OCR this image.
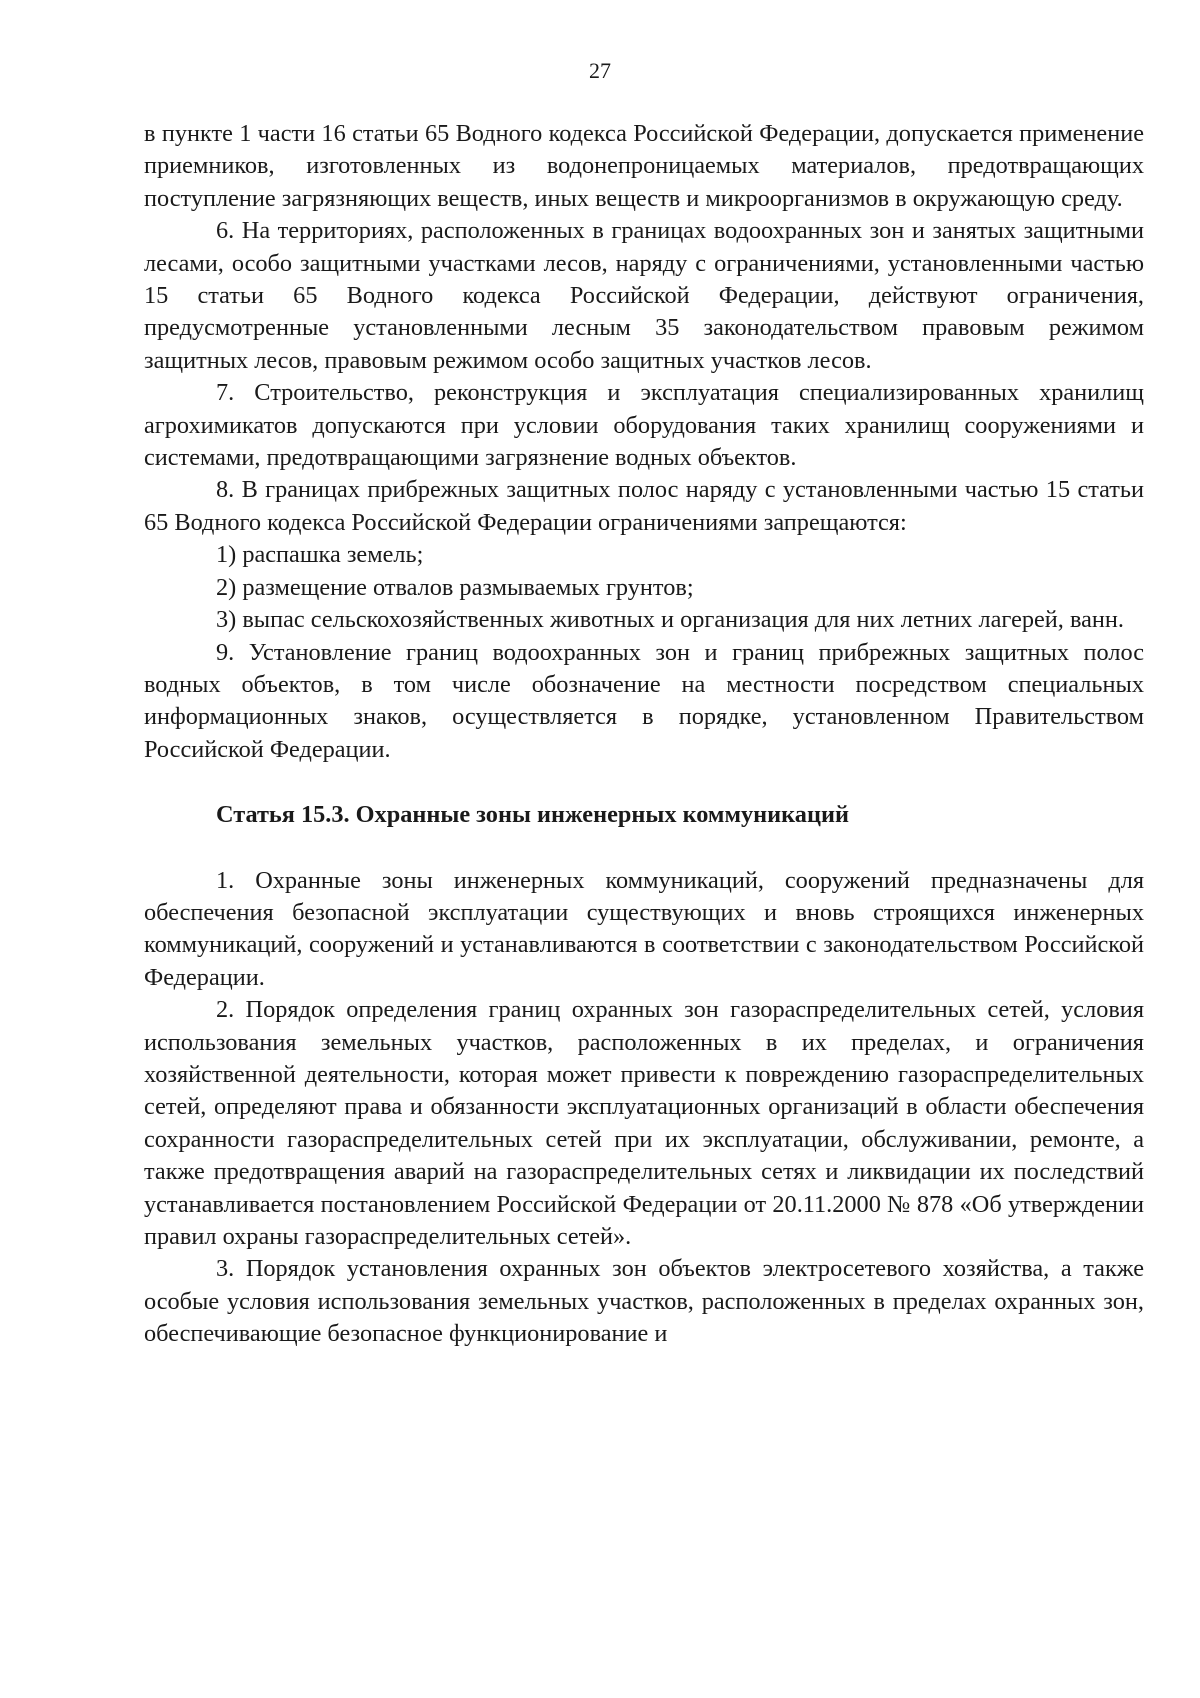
27

в пункте 1 части 16 статьи 65 Водного кодекса Российской Федерации, допускается применение приемников, изготовленных из водонепроницаемых материалов, предотвращающих поступление загрязняющих веществ, иных веществ и микроорганизмов в окружающую среду.

6. На территориях, расположенных в границах водоохранных зон и занятых защитными лесами, особо защитными участками лесов, наряду с ограничениями, установленными частью 15 статьи 65 Водного кодекса Российской Федерации, действуют ограничения, предусмотренные установленными лесным 35 законодательством правовым режимом защитных лесов, правовым режимом особо защитных участков лесов.

7. Строительство, реконструкция и эксплуатация специализированных хранилищ агрохимикатов допускаются при условии оборудования таких хранилищ сооружениями и системами, предотвращающими загрязнение водных объектов.

8. В границах прибрежных защитных полос наряду с установленными частью 15 статьи 65 Водного кодекса Российской Федерации ограничениями запрещаются:

1) распашка земель;

2) размещение отвалов размываемых грунтов;

3) выпас сельскохозяйственных животных и организация для них летних лагерей, ванн.

9. Установление границ водоохранных зон и границ прибрежных защитных полос водных объектов, в том числе обозначение на местности посредством специальных информационных знаков, осуществляется в порядке, установленном Правительством Российской Федерации.

Статья 15.3. Охранные зоны инженерных коммуникаций

1. Охранные зоны инженерных коммуникаций, сооружений предназначены для обеспечения безопасной эксплуатации существующих и вновь строящихся инженерных коммуникаций, сооружений и устанавливаются в соответствии с законодательством Российской Федерации.

2. Порядок определения границ охранных зон газораспределительных сетей, условия использования земельных участков, расположенных в их пределах, и ограничения хозяйственной деятельности, которая может привести к повреждению газораспределительных сетей, определяют права и обязанности эксплуатационных организаций в области обеспечения сохранности газораспределительных сетей при их эксплуатации, обслуживании, ремонте, а также предотвращения аварий на газораспределительных сетях и ликвидации их последствий устанавливается постановлением Российской Федерации от 20.11.2000 № 878 «Об утверждении правил охраны газораспределительных сетей».

3. Порядок установления охранных зон объектов электросетевого хозяйства, а также особые условия использования земельных участков, расположенных в пределах охранных зон, обеспечивающие безопасное функционирование и
